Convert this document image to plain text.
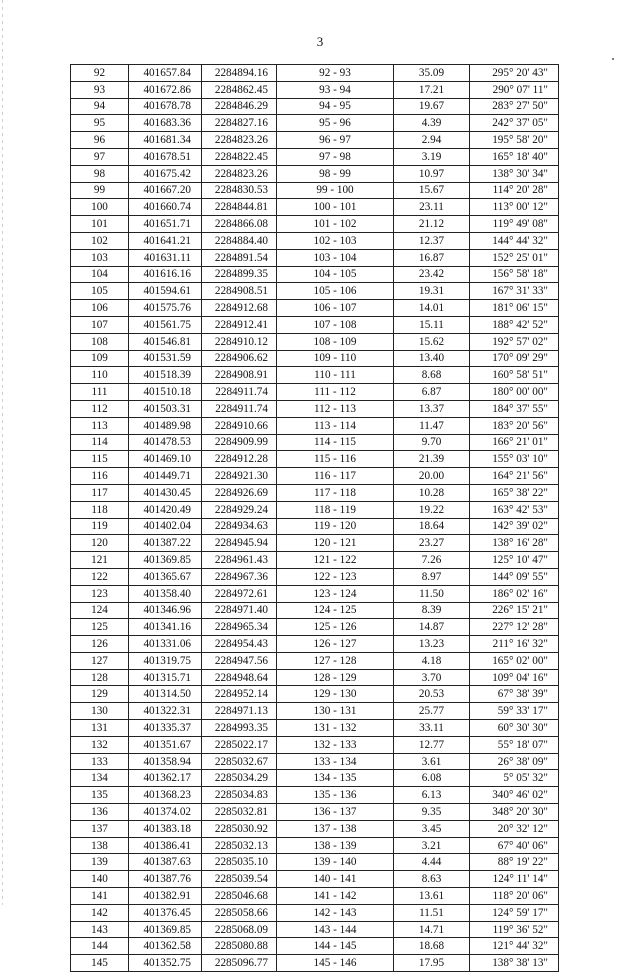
3
92	401657.84	2284894.16	92 - 93	35.09	295° 20' 43"
93	401672.86	2284862.45	93 - 94	17.21	290° 07' 11"
94	401678.78	2284846.29	94 - 95	19.67	283° 27' 50"
95	401683.36	2284827.16	95 - 96	4.39	242° 37' 05"
96	401681.34	2284823.26	96 - 97	2.94	195° 58' 20"
97	401678.51	2284822.45	97 - 98	3.19	165° 18' 40"
98	401675.42	2284823.26	98 - 99	10.97	138° 30' 34"
99	401667.20	2284830.53	99 - 100	15.67	114° 20' 28"
100	401660.74	2284844.81	100 - 101	23.11	113° 00' 12"
101	401651.71	2284866.08	101 - 102	21.12	119° 49' 08"
102	401641.21	2284884.40	102 - 103	12.37	144° 44' 32"
103	401631.11	2284891.54	103 - 104	16.87	152° 25' 01"
104	401616.16	2284899.35	104 - 105	23.42	156° 58' 18"
105	401594.61	2284908.51	105 - 106	19.31	167° 31' 33"
106	401575.76	2284912.68	106 - 107	14.01	181° 06' 15"
107	401561.75	2284912.41	107 - 108	15.11	188° 42' 52"
108	401546.81	2284910.12	108 - 109	15.62	192° 57' 02"
109	401531.59	2284906.62	109 - 110	13.40	170° 09' 29"
110	401518.39	2284908.91	110 - 111	8.68	160° 58' 51"
111	401510.18	2284911.74	111 - 112	6.87	180° 00' 00"
112	401503.31	2284911.74	112 - 113	13.37	184° 37' 55"
113	401489.98	2284910.66	113 - 114	11.47	183° 20' 56"
114	401478.53	2284909.99	114 - 115	9.70	166° 21' 01"
115	401469.10	2284912.28	115 - 116	21.39	155° 03' 10"
116	401449.71	2284921.30	116 - 117	20.00	164° 21' 56"
117	401430.45	2284926.69	117 - 118	10.28	165° 38' 22"
118	401420.49	2284929.24	118 - 119	19.22	163° 42' 53"
119	401402.04	2284934.63	119 - 120	18.64	142° 39' 02"
120	401387.22	2284945.94	120 - 121	23.27	138° 16' 28"
121	401369.85	2284961.43	121 - 122	7.26	125° 10' 47"
122	401365.67	2284967.36	122 - 123	8.97	144° 09' 55"
123	401358.40	2284972.61	123 - 124	11.50	186° 02' 16"
124	401346.96	2284971.40	124 - 125	8.39	226° 15' 21"
125	401341.16	2284965.34	125 - 126	14.87	227° 12' 28"
126	401331.06	2284954.43	126 - 127	13.23	211° 16' 32"
127	401319.75	2284947.56	127 - 128	4.18	165° 02' 00"
128	401315.71	2284948.64	128 - 129	3.70	109° 04' 16"
129	401314.50	2284952.14	129 - 130	20.53	67° 38' 39"
130	401322.31	2284971.13	130 - 131	25.77	59° 33' 17"
131	401335.37	2284993.35	131 - 132	33.11	60° 30' 30"
132	401351.67	2285022.17	132 - 133	12.77	55° 18' 07"
133	401358.94	2285032.67	133 - 134	3.61	26° 38' 09"
134	401362.17	2285034.29	134 - 135	6.08	5° 05' 32"
135	401368.23	2285034.83	135 - 136	6.13	340° 46' 02"
136	401374.02	2285032.81	136 - 137	9.35	348° 20' 30"
137	401383.18	2285030.92	137 - 138	3.45	20° 32' 12"
138	401386.41	2285032.13	138 - 139	3.21	67° 40' 06"
139	401387.63	2285035.10	139 - 140	4.44	88° 19' 22"
140	401387.76	2285039.54	140 - 141	8.63	124° 11' 14"
141	401382.91	2285046.68	141 - 142	13.61	118° 20' 06"
142	401376.45	2285058.66	142 - 143	11.51	124° 59' 17"
143	401369.85	2285068.09	143 - 144	14.71	119° 36' 52"
144	401362.58	2285080.88	144 - 145	18.68	121° 44' 32"
145	401352.75	2285096.77	145 - 146	17.95	138° 38' 13"
